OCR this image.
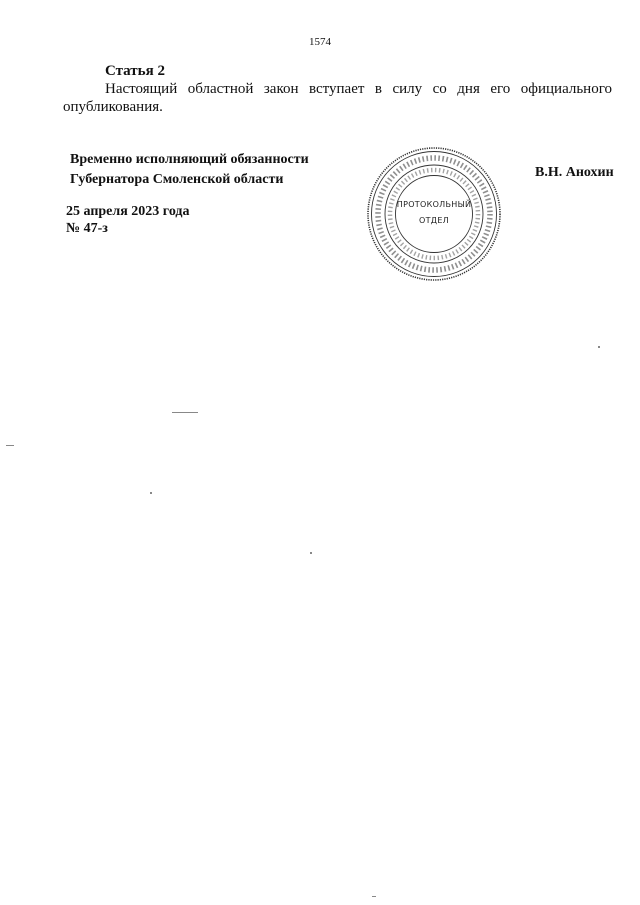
1574
Статья 2
Настоящий областной закон вступает в силу со дня его официального
опубликования.
Временно исполняющий обязанности
Губернатора Смоленской области	В.Н. Анохин
25 апреля 2023 года
№ 47-з
ПРОТОКОЛЬНЫЙ
ОТДЕЛ
